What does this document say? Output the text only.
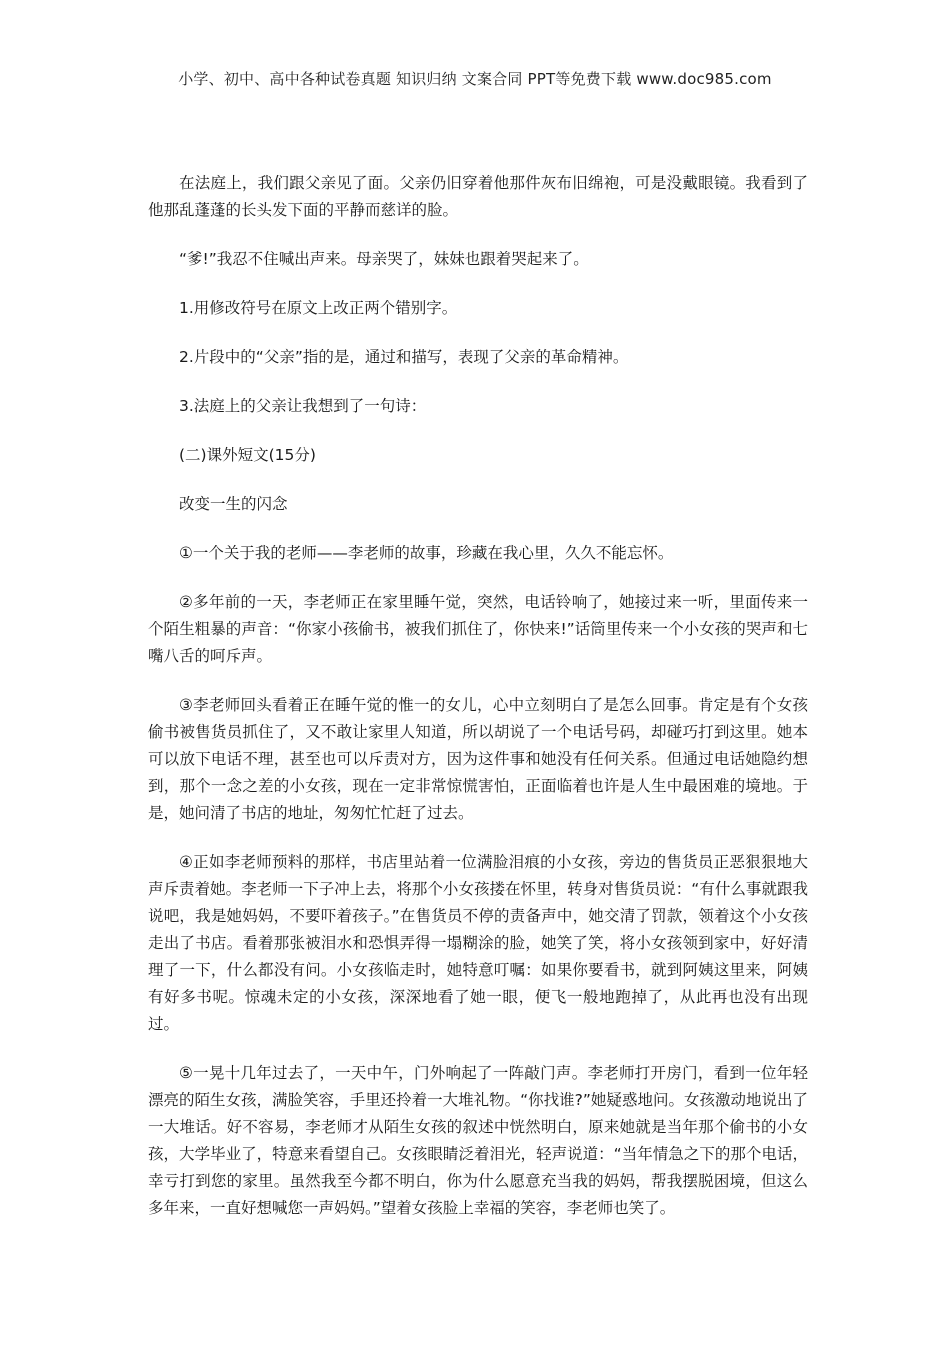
小学、初中、高中各种试卷真题 知识归纳 文案合同 PPT等免费下载 www.doc985.com

在法庭上，我们跟父亲见了面。父亲仍旧穿着他那件灰布旧绵袍，可是没戴眼镜。我看到了他那乱蓬蓬的长头发下面的平静而慈详的脸。

“爹!”我忍不住喊出声来。母亲哭了，妹妹也跟着哭起来了。

1.用修改符号在原文上改正两个错别字。

2.片段中的“父亲”指的是，通过和描写，表现了父亲的革命精神。

3.法庭上的父亲让我想到了一句诗：

(二)课外短文(15分)

改变一生的闪念

①一个关于我的老师——李老师的故事，珍藏在我心里，久久不能忘怀。

②多年前的一天，李老师正在家里睡午觉，突然，电话铃响了，她接过来一听，里面传来一个陌生粗暴的声音：“你家小孩偷书，被我们抓住了，你快来!”话筒里传来一个小女孩的哭声和七嘴八舌的呵斥声。

③李老师回头看着正在睡午觉的惟一的女儿，心中立刻明白了是怎么回事。肯定是有个女孩偷书被售货员抓住了，又不敢让家里人知道，所以胡说了一个电话号码，却碰巧打到这里。她本可以放下电话不理，甚至也可以斥责对方，因为这件事和她没有任何关系。但通过电话她隐约想到，那个一念之差的小女孩，现在一定非常惊慌害怕，正面临着也许是人生中最困难的境地。于是，她问清了书店的地址，匆匆忙忙赶了过去。

④正如李老师预料的那样，书店里站着一位满脸泪痕的小女孩，旁边的售货员正恶狠狠地大声斥责着她。李老师一下子冲上去，将那个小女孩搂在怀里，转身对售货员说：“有什么事就跟我说吧，我是她妈妈，不要吓着孩子。”在售货员不停的责备声中，她交清了罚款，领着这个小女孩走出了书店。看着那张被泪水和恐惧弄得一塌糊涂的脸，她笑了笑，将小女孩领到家中，好好清理了一下，什么都没有问。小女孩临走时，她特意叮嘱：如果你要看书，就到阿姨这里来，阿姨有好多书呢。惊魂未定的小女孩，深深地看了她一眼，便飞一般地跑掉了，从此再也没有出现过。

⑤一晃十几年过去了，一天中午，门外响起了一阵敲门声。李老师打开房门，看到一位年轻漂亮的陌生女孩，满脸笑容，手里还拎着一大堆礼物。“你找谁?”她疑惑地问。女孩激动地说出了一大堆话。好不容易，李老师才从陌生女孩的叙述中恍然明白，原来她就是当年那个偷书的小女孩，大学毕业了，特意来看望自己。女孩眼睛泛着泪光，轻声说道：“当年情急之下的那个电话，幸亏打到您的家里。虽然我至今都不明白，你为什么愿意充当我的妈妈，帮我摆脱困境，但这么多年来，一直好想喊您一声妈妈。”望着女孩脸上幸福的笑容，李老师也笑了。
